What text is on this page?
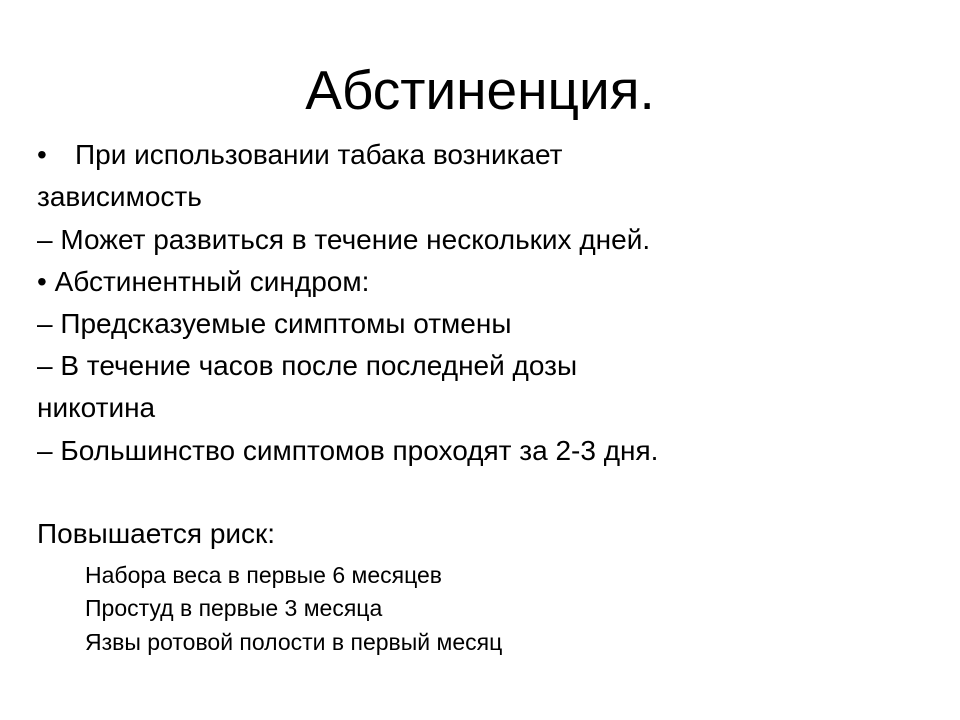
Абстиненция.
• При использовании табака возникает
зависимость
– Может развиться в течение нескольких дней.
• Абстинентный синдром:
– Предсказуемые симптомы отмены
– В течение часов после последней дозы
никотина
– Большинство симптомов проходят за 2-3 дня.
Повышается риск:
Набора веса в первые 6 месяцев
Простуд в первые 3 месяца
Язвы ротовой полости в первый месяц
